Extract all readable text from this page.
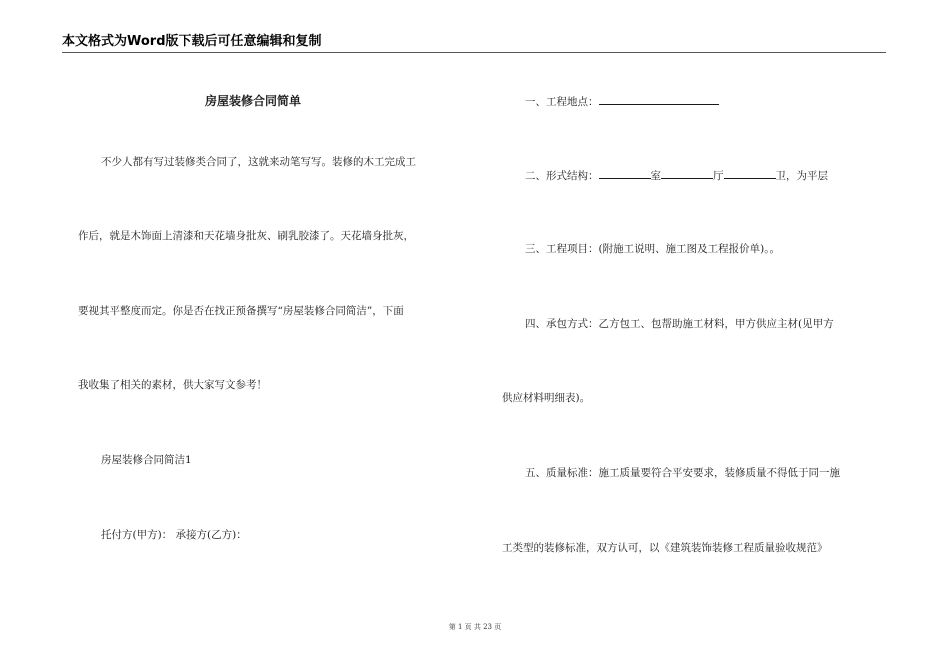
本文格式为Word版下载后可任意编辑和复制
房屋装修合同简单
不少人都有写过装修类合同了，这就来动笔写写。装修的木工完成工
作后，就是木饰面上清漆和天花墙身批灰、刷乳胶漆了。天花墙身批灰，
要视其平整度而定。你是否在找正预备撰写“房屋装修合同简洁”，下面
我收集了相关的素材，供大家写文参考！
房屋装修合同简洁1
托付方(甲方)： 承接方(乙方)：
一、工程地点：
二、形式结构：	室	厅	卫，为平层
三、工程项目：(附施工说明、施工图及工程报价单)。。
四、承包方式：乙方包工、包帮助施工材料，甲方供应主材(见甲方
供应材料明细表)。
五、质量标准：施工质量要符合平安要求，装修质量不得低于同一施
工类型的装修标准，双方认可，以《建筑装饰装修工程质量验收规范》
第 1 页 共 23 页
